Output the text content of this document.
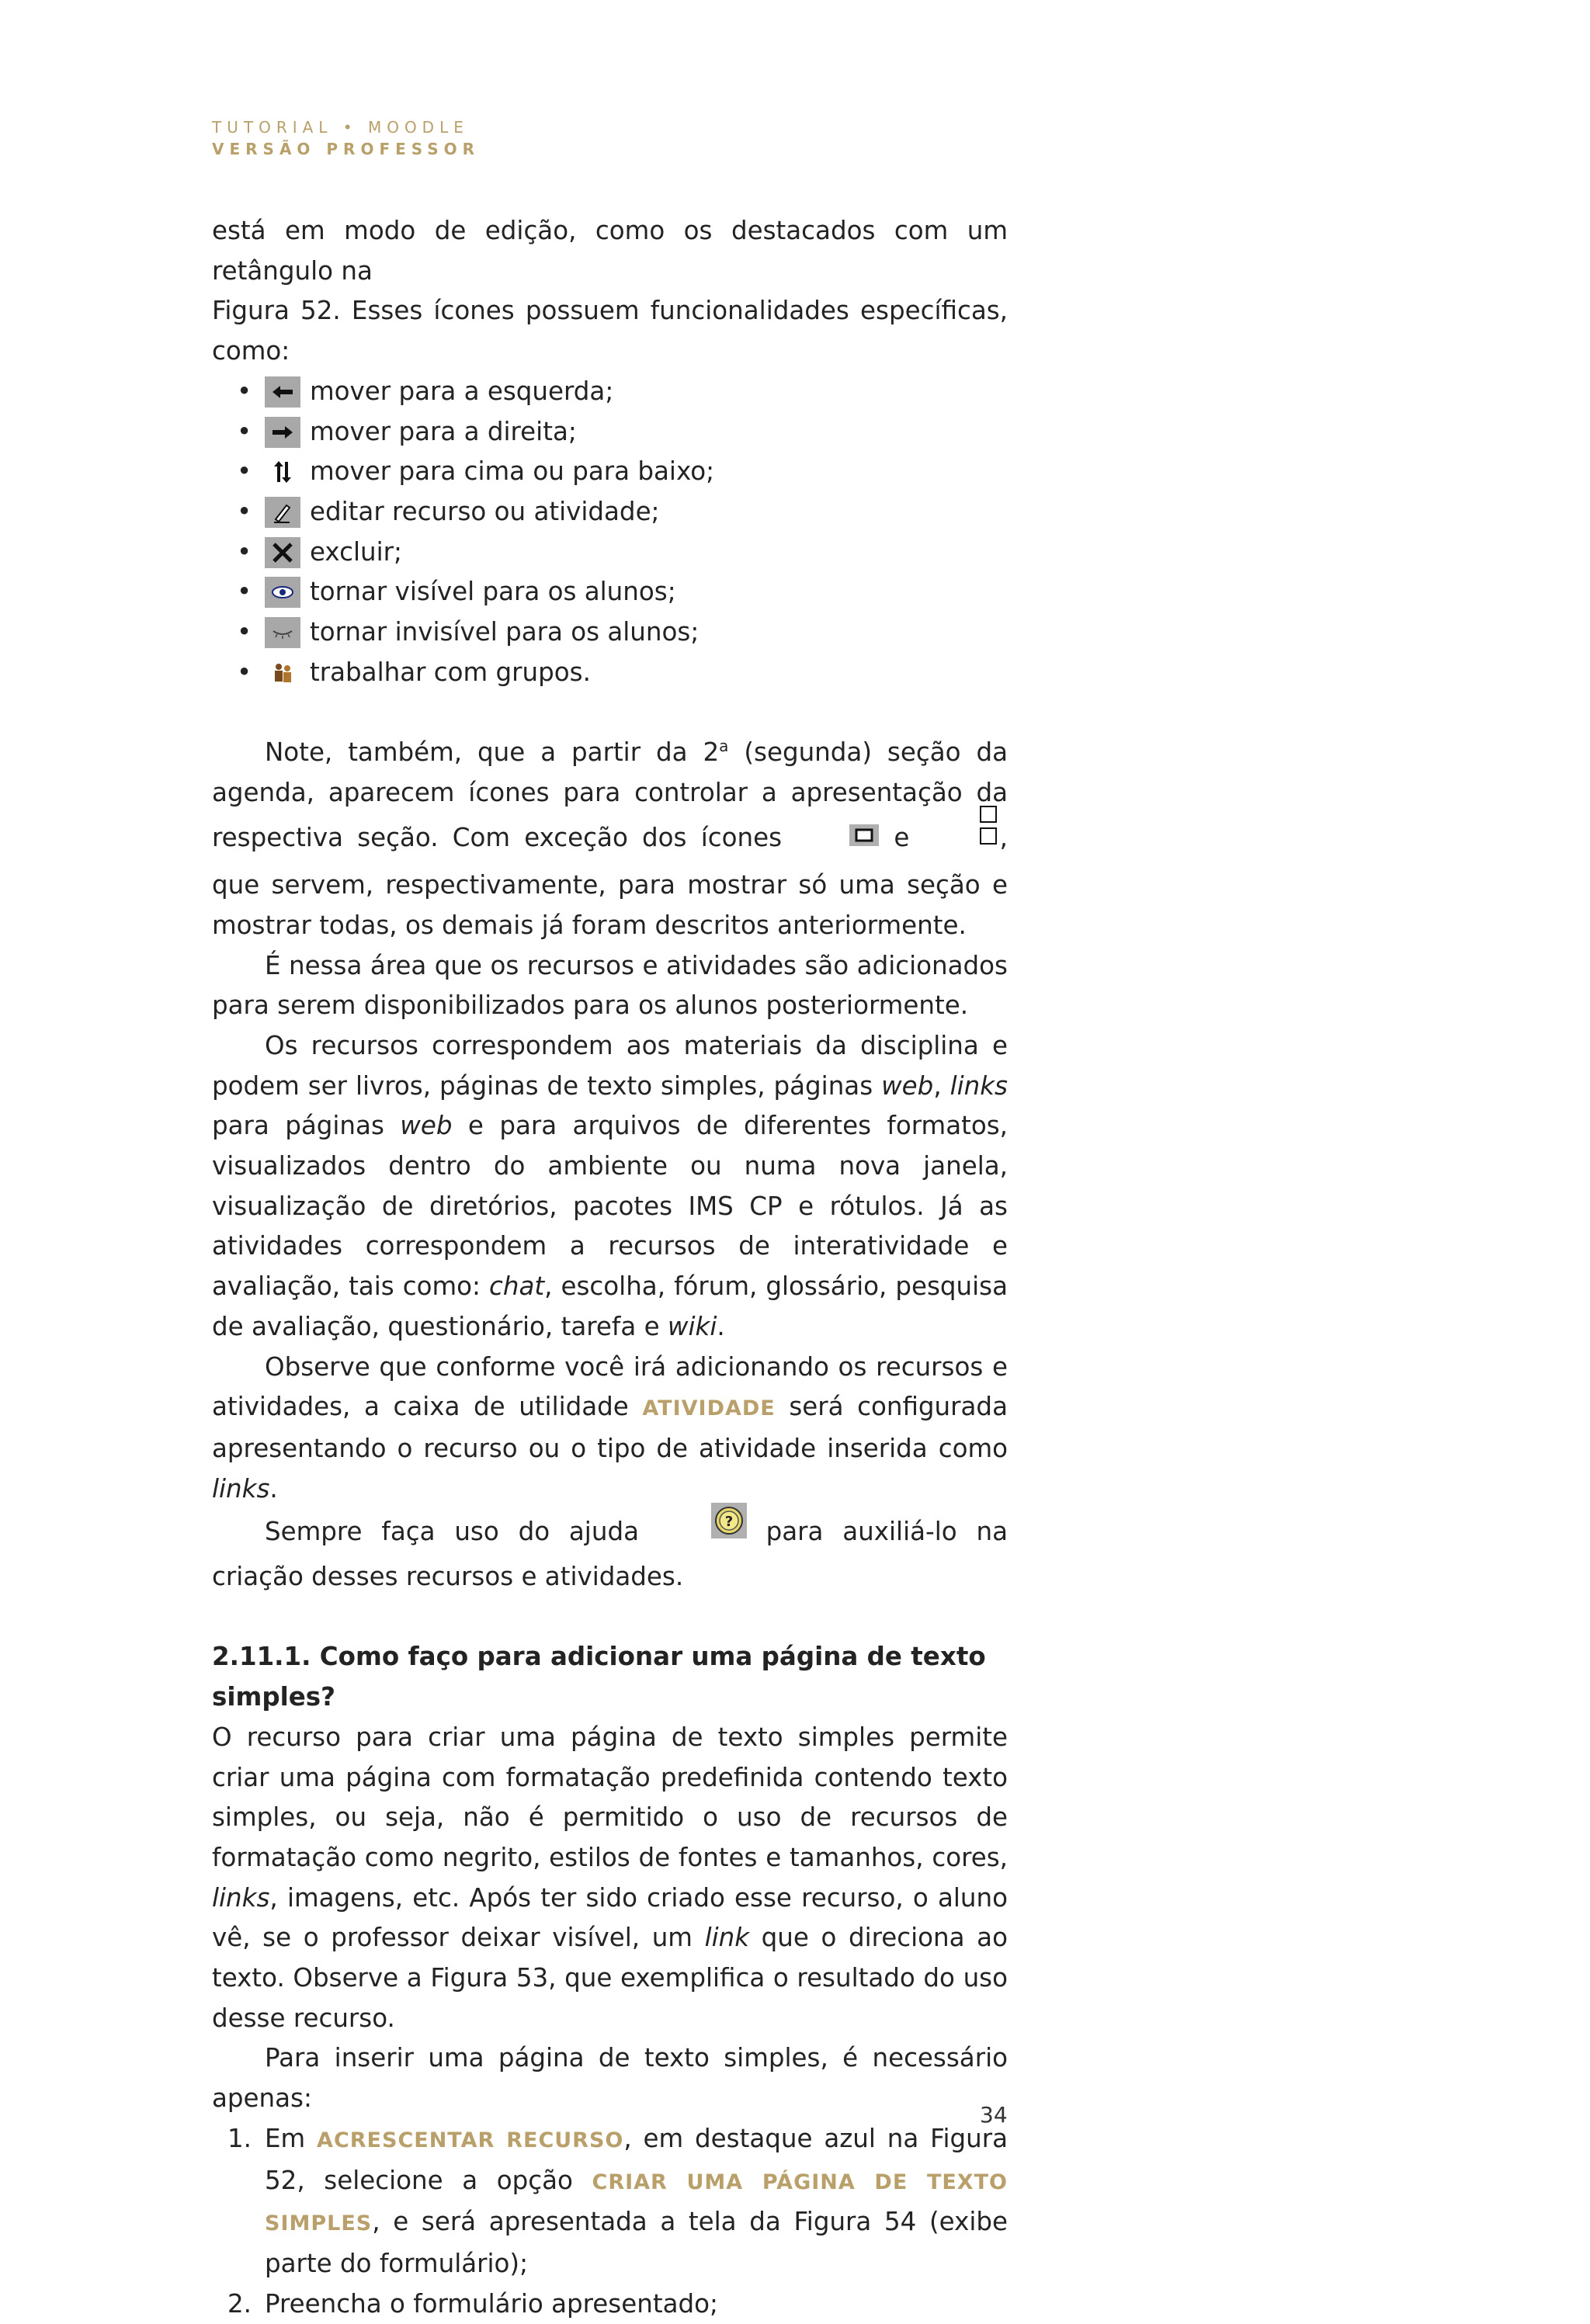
TUTORIAL • MOODLE
VERSÃO PROFESSOR

está em modo de edição, como os destacados com um retângulo na
Figura 52. Esses ícones possuem funcionalidades específicas, como:

• mover para a esquerda;
• mover para a direita;
• mover para cima ou para baixo;
• editar recurso ou atividade;
• excluir;
• tornar visível para os alunos;
• tornar invisível para os alunos;
• trabalhar com grupos.

Note, também, que a partir da 2$^a$ (segunda) seção da agenda, aparecem ícones para controlar a apresentação da respectiva seção. Com exceção dos ícones	e	, que servem, respectivamente, para mostrar só uma seção e mostrar todas, os demais já foram descritos anteriormente.

É nessa área que os recursos e atividades são adicionados para serem disponibilizados para os alunos posteriormente.

Os recursos correspondem aos materiais da disciplina e podem ser livros, páginas de texto simples, páginas web, links para páginas web e para arquivos de diferentes formatos, visualizados dentro do ambiente ou numa nova janela, visualização de diretórios, pacotes IMS CP e rótulos. Já as atividades correspondem a recursos de interatividade e avaliação, tais como: chat, escolha, fórum, glossário, pesquisa de avaliação, questionário, tarefa e wiki.

Observe que conforme você irá adicionando os recursos e atividades, a caixa de utilidade ATIVIDADE será configurada apresentando o recurso ou o tipo de atividade inserida como links.

Sempre faça uso do ajuda	? para auxiliá-lo na criação desses recursos e atividades.

2.11.1. Como faço para adicionar uma página de texto simples?

O recurso para criar uma página de texto simples permite criar uma página com formatação predefinida contendo texto simples, ou seja, não é permitido o uso de recursos de formatação como negrito, estilos de fontes e tamanhos, cores, links, imagens, etc. Após ter sido criado esse recurso, o aluno vê, se o professor deixar visível, um link que o direciona ao texto. Observe a Figura 53, que exemplifica o resultado do uso desse recurso.

Para inserir uma página de texto simples, é necessário apenas:

1. Em ACRESCENTAR RECURSO, em destaque azul na Figura 52, selecione a opção CRIAR UMA PÁGINA DE TEXTO SIMPLES, e será apresentada a tela da Figura 54 (exibe parte do formulário);
2. Preencha o formulário apresentado;
34
